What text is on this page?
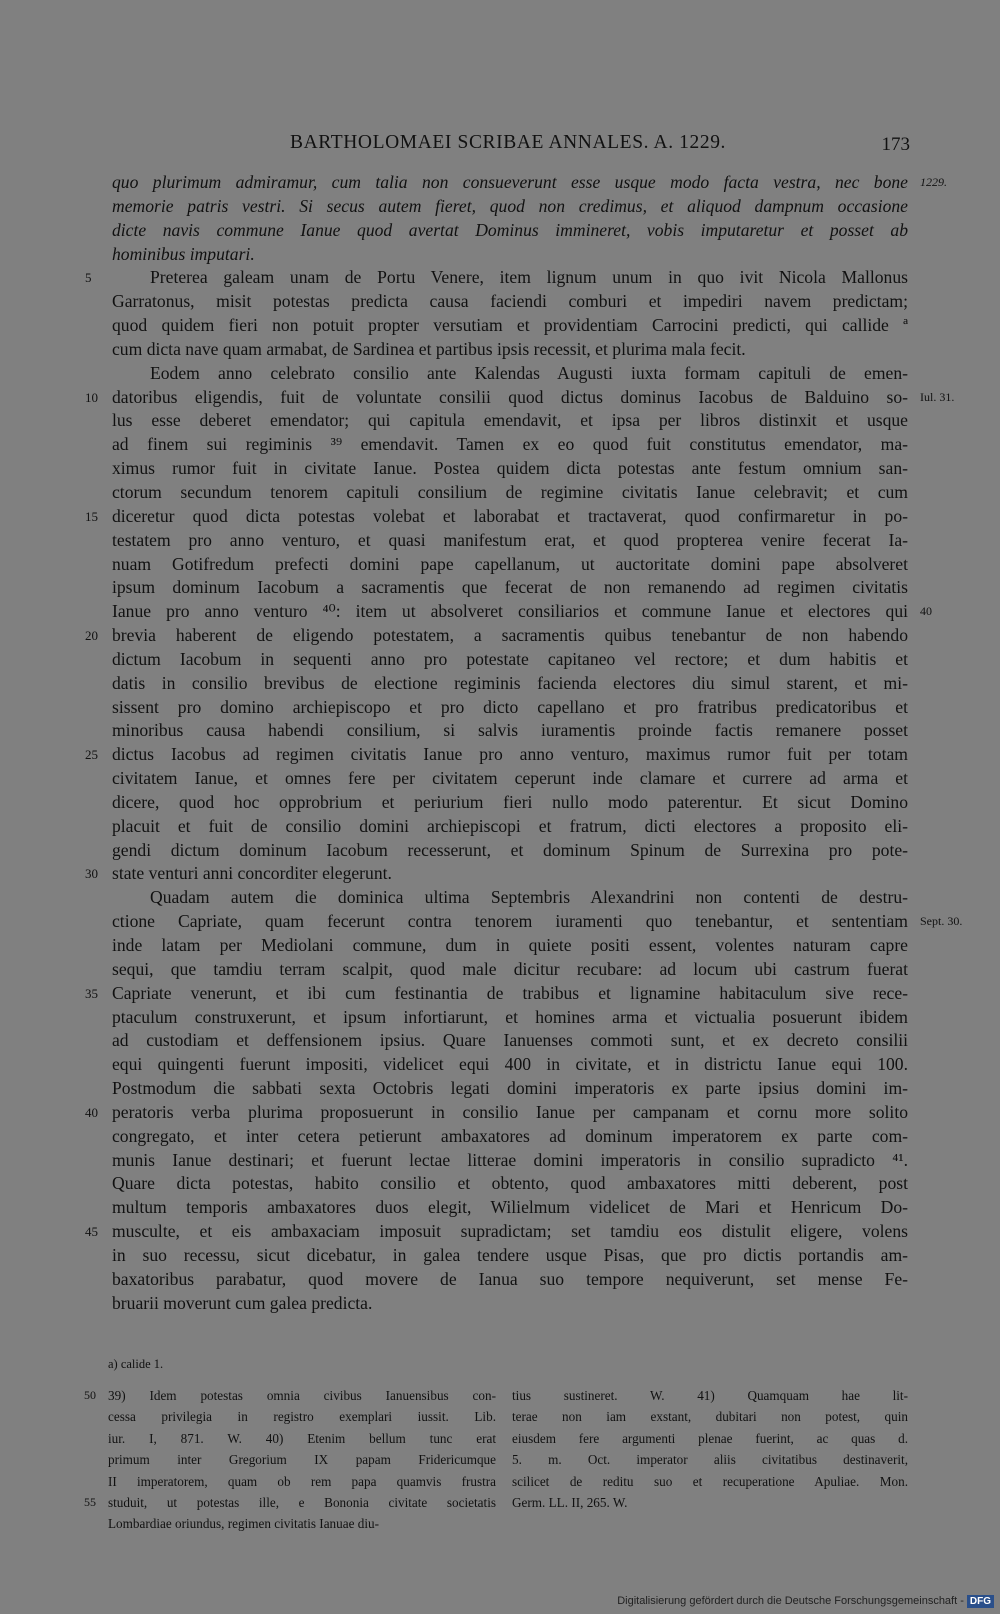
BARTHOLOMAEI SCRIBAE ANNALES. A. 1229.	173
quo plurimum admiramur, cum talia non consueverunt esse usque modo facta vestra, nec bone 1229.
memorie patris vestri. Si secus autem fieret, quod non credimus, et aliquod dampnum occasione
dicte navis commune Ianue quod avertat Dominus immineret, vobis imputaretur et posset ab
hominibus imputari.
Preterea galeam unam de Portu Venere, item lignum unum in quo ivit Nicola Mallonus
5
Garratonus, misit potestas predicta causa faciendi comburi et impediri navem predictam;
quod quidem fieri non potuit propter versutiam et providentiam Carrocini predicti, qui callide ª
cum dicta nave quam armabat, de Sardinea et partibus ipsis recessit, et plurima mala fecit.
Eodem anno celebrato consilio ante Kalendas Augusti iuxta formam capituli de emen-
datoribus eligendis, fuit de voluntate consilii quod dictus dominus Iacobus de Balduino so-
10	Iul. 31.
lus esse deberet emendator; qui capitula emendavit, et ipsa per libros distinxit et usque
ad finem sui regiminis ³⁹ emendavit. Tamen ex eo quod fuit constitutus emendator, ma-
ximus rumor fuit in civitate Ianue. Postea quidem dicta potestas ante festum omnium san-
ctorum secundum tenorem capituli consilium de regimine civitatis Ianue celebravit; et cum
diceretur quod dicta potestas volebat et laborabat et tractaverat, quod confirmaretur in po-
15
testatem pro anno venturo, et quasi manifestum erat, et quod propterea venire fecerat Ia-
nuam Gotifredum prefecti domini pape capellanum, ut auctoritate domini pape absolveret
ipsum dominum Iacobum a sacramentis que fecerat de non remanendo ad regimen civitatis
Ianue pro anno venturo ⁴⁰: item ut absolveret consiliarios et commune Ianue et electores qui 40
brevia haberent de eligendo potestatem, a sacramentis quibus tenebantur de non habendo
20
dictum Iacobum in sequenti anno pro potestate capitaneo vel rectore; et dum habitis et
datis in consilio brevibus de electione regiminis facienda electores diu simul starent, et mi-
sissent pro domino archiepiscopo et pro dicto capellano et pro fratribus predicatoribus et
minoribus causa habendi consilium, si salvis iuramentis proinde factis remanere posset
dictus Iacobus ad regimen civitatis Ianue pro anno venturo, maximus rumor fuit per totam
25
civitatem Ianue, et omnes fere per civitatem ceperunt inde clamare et currere ad arma et
dicere, quod hoc opprobrium et periurium fieri nullo modo paterentur. Et sicut Domino
placuit et fuit de consilio domini archiepiscopi et fratrum, dicti electores a proposito eli-
gendi dictum dominum Iacobum recesserunt, et dominum Spinum de Surrexina pro pote-
state venturi anni concorditer elegerunt.
30
Quadam autem die dominica ultima Septembris Alexandrini non contenti de destru-
ctione Capriate, quam fecerunt contra tenorem iuramenti quo tenebantur, et sententiam Sept. 30.
inde latam per Mediolani commune, dum in quiete positi essent, volentes naturam capre
sequi, que tamdiu terram scalpit, quod male dicitur recubare: ad locum ubi castrum fuerat
Capriate venerunt, et ibi cum festinantia de trabibus et lignamine habitaculum sive rece-
35
ptaculum construxerunt, et ipsum infortiarunt, et homines arma et victualia posuerunt ibidem
ad custodiam et deffensionem ipsius. Quare Ianuenses commoti sunt, et ex decreto consilii
equi quingenti fuerunt impositi, videlicet equi 400 in civitate, et in districtu Ianue equi 100.
Postmodum die sabbati sexta Octobris legati domini imperatoris ex parte ipsius domini im-
peratoris verba plurima proposuerunt in consilio Ianue per campanam et cornu more solito
40
congregato, et inter cetera petierunt ambaxatores ad dominum imperatorem ex parte com-
munis Ianue destinari; et fuerunt lectae litterae domini imperatoris in consilio supradicto ⁴¹.
Quare dicta potestas, habito consilio et obtento, quod ambaxatores mitti deberent, post
multum temporis ambaxatores duos elegit, Wilielmum videlicet de Mari et Henricum Do-
musculte, et eis ambaxaciam imposuit supradictam; set tamdiu eos distulit eligere, volens
45
in suo recessu, sicut dicebatur, in galea tendere usque Pisas, que pro dictis portandis am-
baxatoribus parabatur, quod movere de Ianua suo tempore nequiverunt, set mense Fe-
bruarii moverunt cum galea predicta.
a) calide 1.
39) Idem potestas omnia civibus Ianuensibus con-
50
cessa privilegia in registro exemplari iussit. Lib.
iur. I, 871. W. 40) Etenim bellum tunc erat
primum inter Gregorium IX papam Fridericumque
II imperatorem, quam ob rem papa quamvis frustra
studuit, ut potestas ille, e Bononia civitate societatis
55
Lombardiae oriundus, regimen civitatis Ianuae diu-
tius sustineret. W. 41) Quamquam hae lit-
terae non iam exstant, dubitari non potest, quin
eiusdem fere argumenti plenae fuerint, ac quas d.
5. m. Oct. imperator aliis civitatibus destinaverit,
scilicet de reditu suo et recuperatione Apuliae. Mon.
Germ. LL. II, 265. W.
Digitalisierung gefördert durch die Deutsche Forschungsgemeinschaft - DFG
